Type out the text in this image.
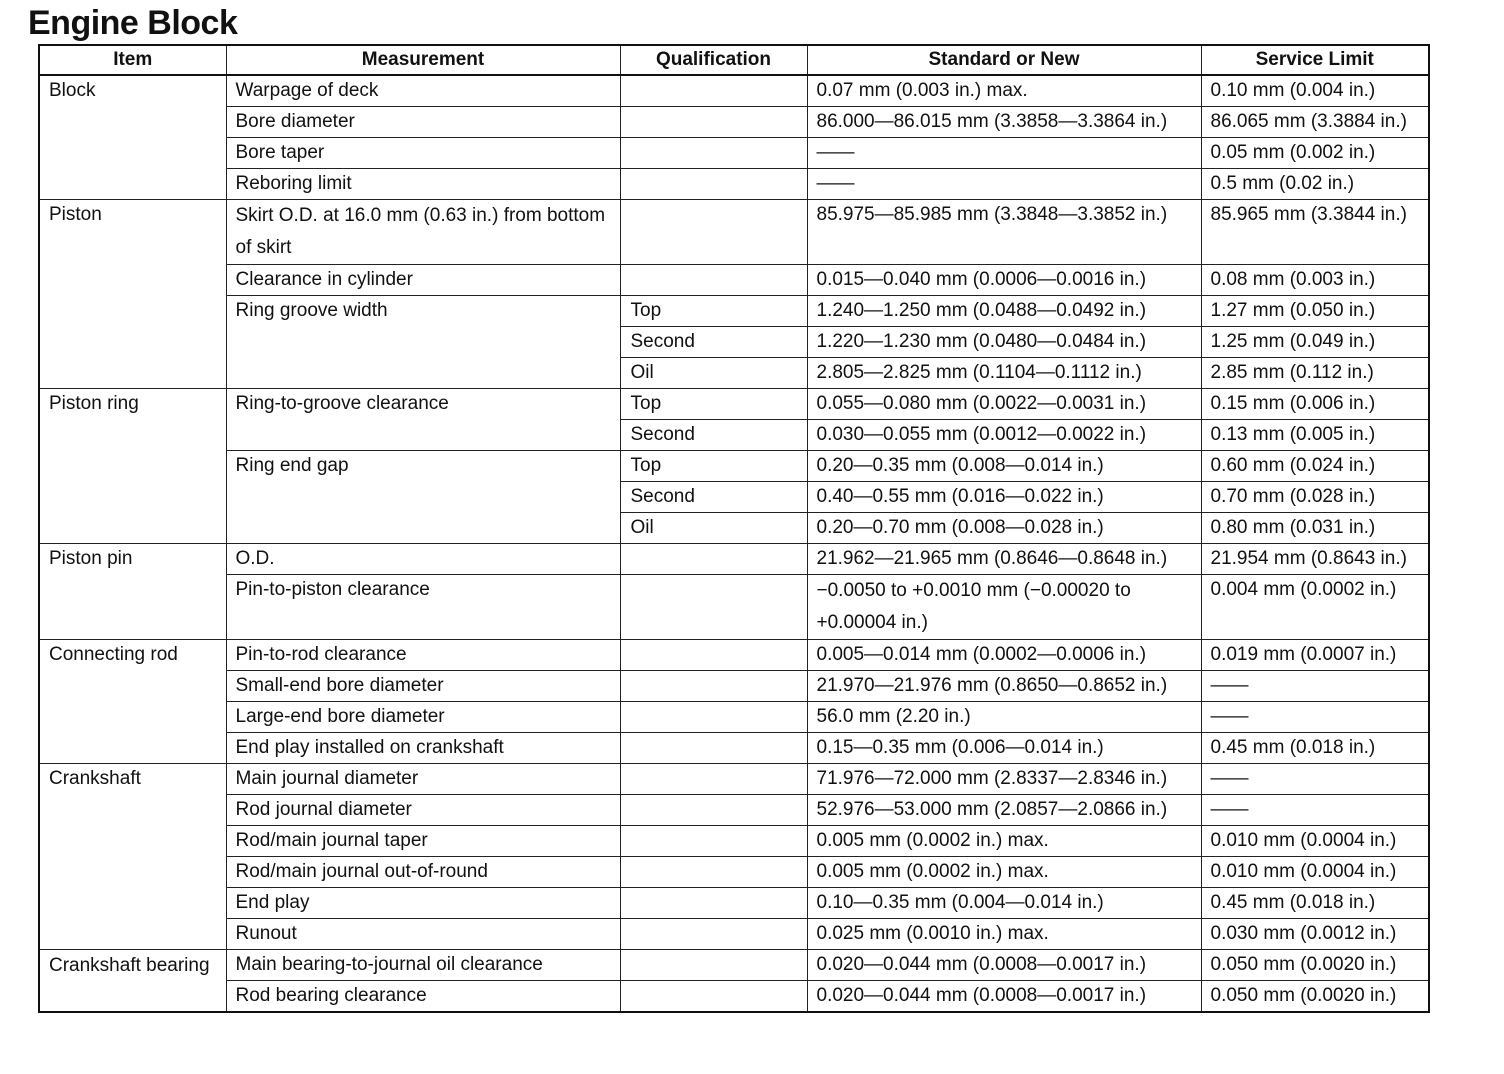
Engine Block
Item	Measurement	Qualification	Standard or New	Service Limit
Block	Warpage of deck		0.07 mm (0.003 in.) max.	0.10 mm (0.004 in.)
	Bore diameter		86.000—86.015 mm (3.3858—3.3864 in.)	86.065 mm (3.3884 in.)
	Bore taper		——	0.05 mm (0.002 in.)
	Reboring limit		——	0.5 mm (0.02 in.)
Piston	Skirt O.D. at 16.0 mm (0.63 in.) from bottom of skirt		85.975—85.985 mm (3.3848—3.3852 in.)	85.965 mm (3.3844 in.)
	Clearance in cylinder		0.015—0.040 mm (0.0006—0.0016 in.)	0.08 mm (0.003 in.)
	Ring groove width	Top	1.240—1.250 mm (0.0488—0.0492 in.)	1.27 mm (0.050 in.)
		Second	1.220—1.230 mm (0.0480—0.0484 in.)	1.25 mm (0.049 in.)
		Oil	2.805—2.825 mm (0.1104—0.1112 in.)	2.85 mm (0.112 in.)
Piston ring	Ring-to-groove clearance	Top	0.055—0.080 mm (0.0022—0.0031 in.)	0.15 mm (0.006 in.)
		Second	0.030—0.055 mm (0.0012—0.0022 in.)	0.13 mm (0.005 in.)
	Ring end gap	Top	0.20—0.35 mm (0.008—0.014 in.)	0.60 mm (0.024 in.)
		Second	0.40—0.55 mm (0.016—0.022 in.)	0.70 mm (0.028 in.)
		Oil	0.20—0.70 mm (0.008—0.028 in.)	0.80 mm (0.031 in.)
Piston pin	O.D.		21.962—21.965 mm (0.8646—0.8648 in.)	21.954 mm (0.8643 in.)
	Pin-to-piston clearance		−0.0050 to +0.0010 mm (−0.00020 to +0.00004 in.)	0.004 mm (0.0002 in.)
Connecting rod	Pin-to-rod clearance		0.005—0.014 mm (0.0002—0.0006 in.)	0.019 mm (0.0007 in.)
	Small-end bore diameter		21.970—21.976 mm (0.8650—0.8652 in.)	——
	Large-end bore diameter		56.0 mm (2.20 in.)	——
	End play installed on crankshaft		0.15—0.35 mm (0.006—0.014 in.)	0.45 mm (0.018 in.)
Crankshaft	Main journal diameter		71.976—72.000 mm (2.8337—2.8346 in.)	——
	Rod journal diameter		52.976—53.000 mm (2.0857—2.0866 in.)	——
	Rod/main journal taper		0.005 mm (0.0002 in.) max.	0.010 mm (0.0004 in.)
	Rod/main journal out-of-round		0.005 mm (0.0002 in.) max.	0.010 mm (0.0004 in.)
	End play		0.10—0.35 mm (0.004—0.014 in.)	0.45 mm (0.018 in.)
	Runout		0.025 mm (0.0010 in.) max.	0.030 mm (0.0012 in.)
Crankshaft bearing	Main bearing-to-journal oil clearance		0.020—0.044 mm (0.0008—0.0017 in.)	0.050 mm (0.0020 in.)
	Rod bearing clearance		0.020—0.044 mm (0.0008—0.0017 in.)	0.050 mm (0.0020 in.)
